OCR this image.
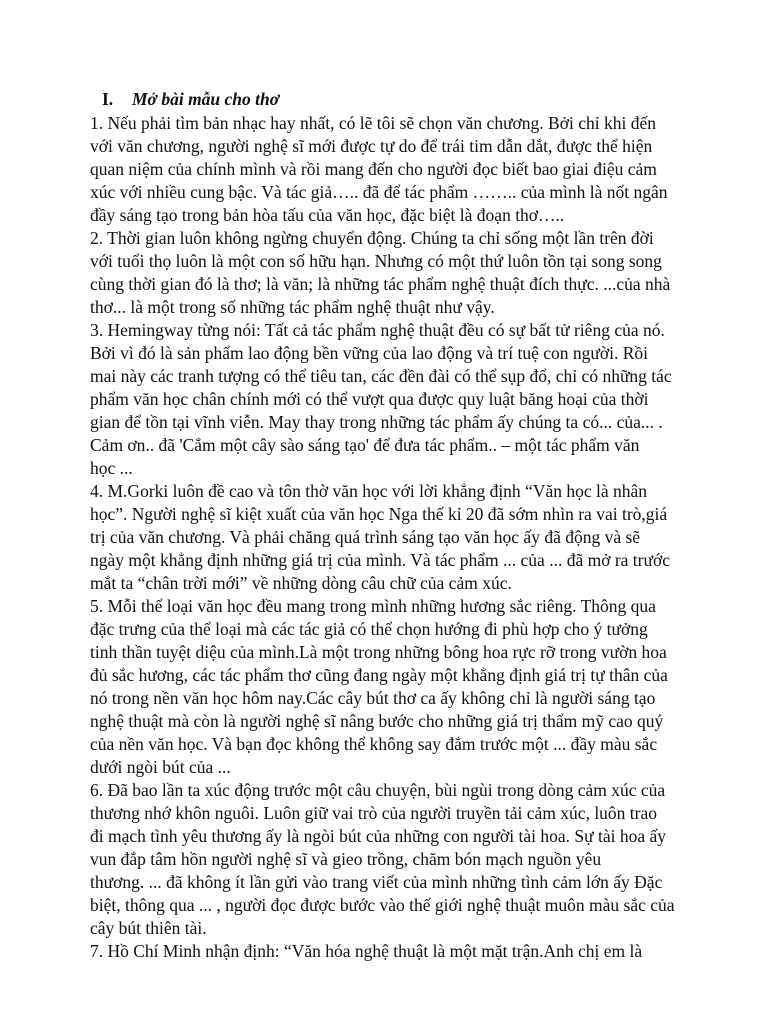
I.	Mở bài mẫu cho thơ

1. Nếu phải tìm bản nhạc hay nhất, có lẽ tôi sẽ chọn văn chương. Bởi chỉ khi đến

với văn chương, người nghệ sĩ mới được tự do để trái tim dẫn dắt, được thể hiện

quan niệm của chính mình và rồi mang đến cho người đọc biết bao giai điệu cảm

xúc với nhiều cung bậc. Và tác giả….. đã để tác phẩm …….. của mình là nốt ngân

đầy sáng tạo trong bản hòa tấu của văn học, đặc biệt là đoạn thơ…..

2. Thời gian luôn không ngừng chuyển động. Chúng ta chỉ sống một lần trên đời

với tuổi thọ luôn là một con số hữu hạn. Nhưng có một thứ luôn tồn tại song song

cùng thời gian đó là thơ; là văn; là những tác phẩm nghệ thuật đích thực. ...của nhà

thơ... là một trong số những tác phẩm nghệ thuật như vậy.

3. Hemingway từng nói: Tất cả tác phẩm nghệ thuật đều có sự bất tử riêng của nó.

Bởi vì đó là sản phẩm lao động bền vững của lao động và trí tuệ con người. Rồi

mai này các tranh tượng có thể tiêu tan, các đền đài có thể sụp đổ, chỉ có những tác

phẩm văn học chân chính mới có thể vượt qua được quy luật băng hoại của thời

gian để tồn tại vĩnh viễn. May thay trong những tác phẩm ấy chúng ta có... của... .

Cảm ơn.. đã 'Cắm một cây sào sáng tạo' để đưa tác phẩm.. – một tác phẩm văn

học ...

4. M.Gorki luôn đề cao và tôn thờ văn học với lời khẳng định “Văn học là nhân

học”. Người nghệ sĩ kiệt xuất của văn học Nga thế kỉ 20 đã sớm nhìn ra vai trò,giá

trị của văn chương. Và phải chăng quá trình sáng tạo văn học ấy đã động và sẽ

ngày một khẳng định những giá trị của mình. Và tác phẩm ... của ... đã mở ra trước

mắt ta “chân trời mới” về những dòng câu chữ của cảm xúc.

5. Mỗi thể loại văn học đều mang trong mình những hương sắc riêng. Thông qua

đặc trưng của thể loại mà các tác giả có thể chọn hướng đi phù hợp cho ý tưởng

tinh thần tuyệt diệu của mình.Là một trong những bông hoa rực rỡ trong vườn hoa

đủ sắc hương, các tác phẩm thơ cũng đang ngày một khẳng định giá trị tự thân của

nó trong nền văn học hôm nay.Các cây bút thơ ca ấy không chỉ là người sáng tạo

nghệ thuật mà còn là người nghệ sĩ nâng bước cho những giá trị thẩm mỹ cao quý

của nền văn học. Và bạn đọc không thể không say đắm trước một ... đầy màu sắc

dưới ngòi bút của ...

6. Đã bao lần ta xúc động trước một câu chuyện, bùi ngùi trong dòng cảm xúc của

thương nhớ khôn nguôi. Luôn giữ vai trò của người truyền tải cảm xúc, luôn trao

đi mạch tình yêu thương ấy là ngòi bút của những con người tài hoa. Sự tài hoa ấy

vun đắp tâm hồn người nghệ sĩ và gieo trồng, chăm bón mạch nguồn yêu

thương. ... đã không ít lần gửi vào trang viết của mình những tình cảm lớn ấy Đặc

biệt, thông qua ... , người đọc được bước vào thế giới nghệ thuật muôn màu sắc của

cây bút thiên tài.

7. Hồ Chí Minh nhận định: “Văn hóa nghệ thuật là một mặt trận.Anh chị em là
